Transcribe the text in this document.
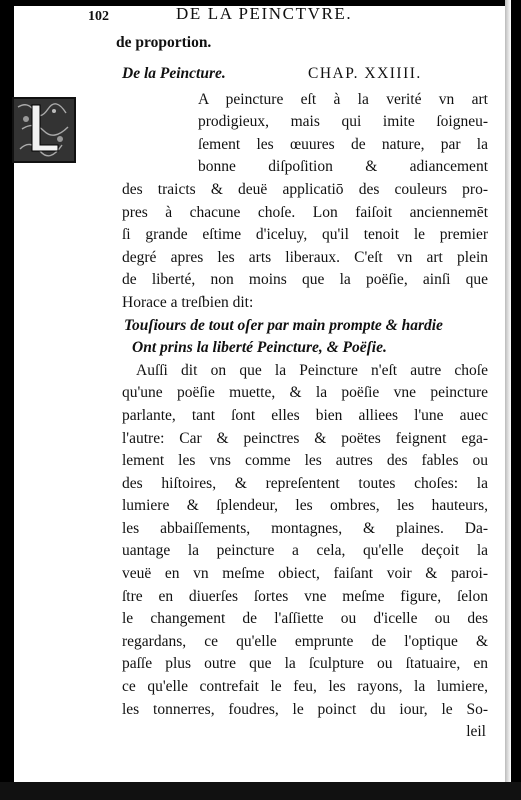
102	DE LA PEINCTVRE.
de proportion.
De la Peincture.	CHAP. XXIIII.
A peincture eſt à la verité vn art
prodigieux, mais qui imite ſoigneu-
ſement les œuures de nature, par la
bonne diſpoſition & adiancement
des traicts & deuë applicatiō des couleurs pro-
pres à chacune choſe. Lon faiſoit anciennemēt
ſi grande eſtime d'iceluy, qu'il tenoit le premier
degré apres les arts liberaux. C'eſt vn art plein
de liberté, non moins que la poëſie, ainſi que
Horace a treſbien dit:
Touſiours de tout oſer par main prompte & hardie
Ont prins la liberté Peincture, & Poëſie.
Auſſi dit on que la Peincture n'eſt autre choſe
qu'une poëſie muette, & la poëſie vne peincture
parlante, tant ſont elles bien alliees l'une auec
l'autre: Car & peinctres & poëtes feignent ega-
lement les vns comme les autres des fables ou
des hiſtoires, & repreſentent toutes choſes: la
lumiere & ſplendeur, les ombres, les hauteurs,
les abbaiſſements, montagnes, & plaines. Da-
uantage la peincture a cela, qu'elle deçoit la
veuë en vn meſme obiect, faiſant voir & paroi-
ſtre en diuerſes ſortes vne meſme figure, ſelon
le changement de l'aſſiette ou d'icelle ou des
regardans, ce qu'elle emprunte de l'optique &
paſſe plus outre que la ſculpture ou ſtatuaire, en
ce qu'elle contrefait le feu, les rayons, la lumiere,
les tonnerres, foudres, le poinct du iour, le So-
leil
